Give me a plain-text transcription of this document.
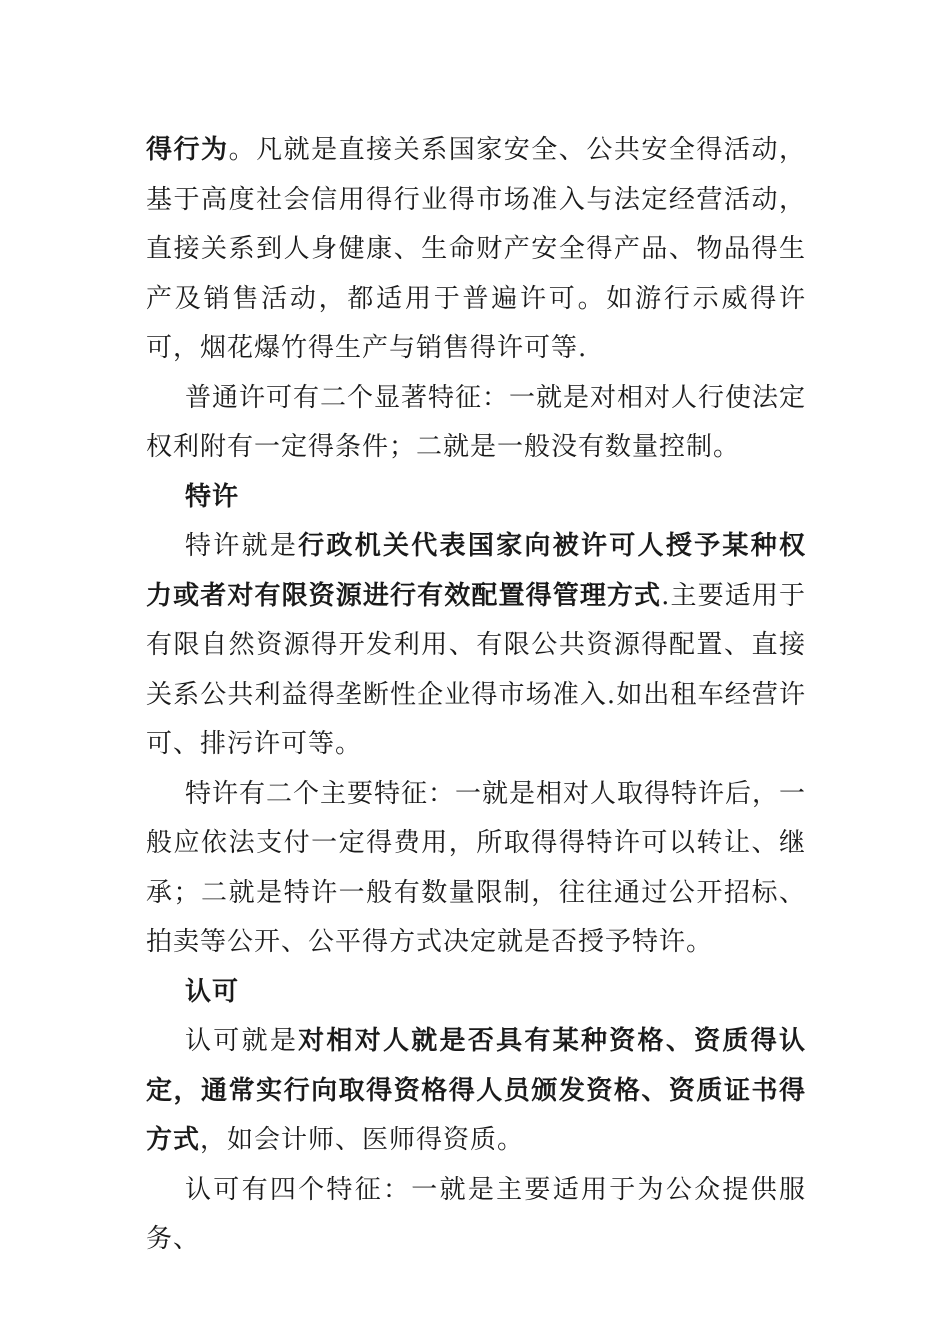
得行为。凡就是直接关系国家安全、公共安全得活动，基于高度社会信用得行业得市场准入与法定经营活动，直接关系到人身健康、生命财产安全得产品、物品得生产及销售活动，都适用于普遍许可。如游行示威得许可，烟花爆竹得生产与销售得许可等.

普通许可有二个显著特征：一就是对相对人行使法定权利附有一定得条件；二就是一般没有数量控制。

特许

特许就是行政机关代表国家向被许可人授予某种权力或者对有限资源进行有效配置得管理方式.主要适用于有限自然资源得开发利用、有限公共资源得配置、直接关系公共利益得垄断性企业得市场准入.如出租车经营许可、排污许可等。

特许有二个主要特征：一就是相对人取得特许后，一般应依法支付一定得费用，所取得得特许可以转让、继承；二就是特许一般有数量限制，往往通过公开招标、拍卖等公开、公平得方式决定就是否授予特许。

认可

认可就是对相对人就是否具有某种资格、资质得认定，通常实行向取得资格得人员颁发资格、资质证书得方式，如会计师、医师得资质。

认可有四个特征：一就是主要适用于为公众提供服务、
